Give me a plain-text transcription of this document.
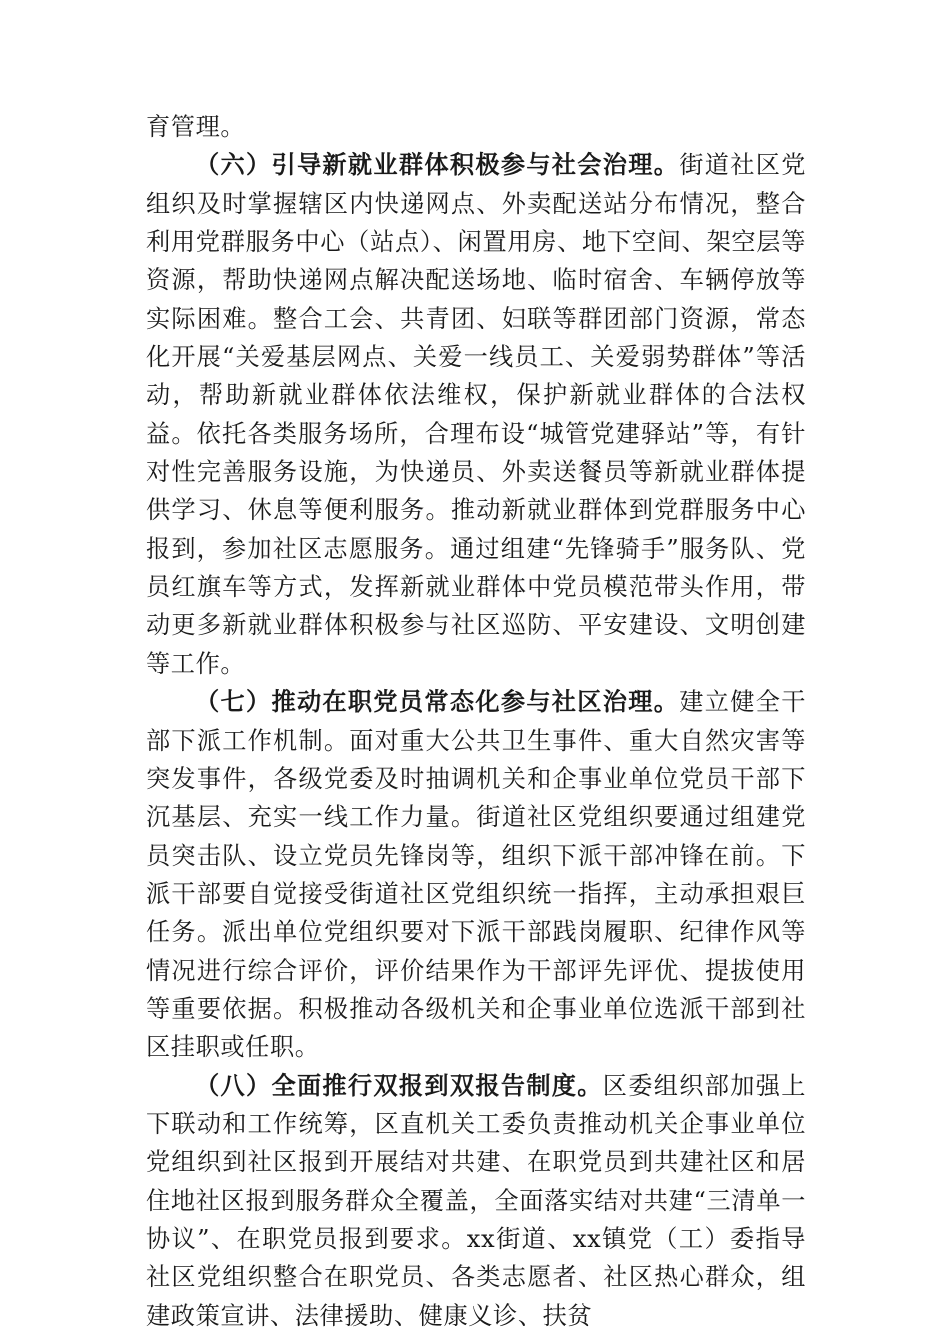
育管理。

（六）引导新就业群体积极参与社会治理。街道社区党组织及时掌握辖区内快递网点、外卖配送站分布情况，整合利用党群服务中心（站点）、闲置用房、地下空间、架空层等资源，帮助快递网点解决配送场地、临时宿舍、车辆停放等实际困难。整合工会、共青团、妇联等群团部门资源，常态化开展“关爱基层网点、关爱一线员工、关爱弱势群体”等活动，帮助新就业群体依法维权，保护新就业群体的合法权益。依托各类服务场所，合理布设“城管党建驿站”等，有针对性完善服务设施，为快递员、外卖送餐员等新就业群体提供学习、休息等便利服务。推动新就业群体到党群服务中心报到，参加社区志愿服务。通过组建“先锋骑手”服务队、党员红旗车等方式，发挥新就业群体中党员模范带头作用，带动更多新就业群体积极参与社区巡防、平安建设、文明创建等工作。

（七）推动在职党员常态化参与社区治理。建立健全干部下派工作机制。面对重大公共卫生事件、重大自然灾害等突发事件，各级党委及时抽调机关和企事业单位党员干部下沉基层、充实一线工作力量。街道社区党组织要通过组建党员突击队、设立党员先锋岗等，组织下派干部冲锋在前。下派干部要自觉接受街道社区党组织统一指挥，主动承担艰巨任务。派出单位党组织要对下派干部践岗履职、纪律作风等情况进行综合评价，评价结果作为干部评先评优、提拔使用等重要依据。积极推动各级机关和企事业单位选派干部到社区挂职或任职。

（八）全面推行双报到双报告制度。区委组织部加强上下联动和工作统筹，区直机关工委负责推动机关企事业单位党组织到社区报到开展结对共建、在职党员到共建社区和居住地社区报到服务群众全覆盖，全面落实结对共建“三清单一协议”、在职党员报到要求。xx街道、xx镇党（工）委指导社区党组织整合在职党员、各类志愿者、社区热心群众，组建政策宣讲、法律援助、健康义诊、扶贫
